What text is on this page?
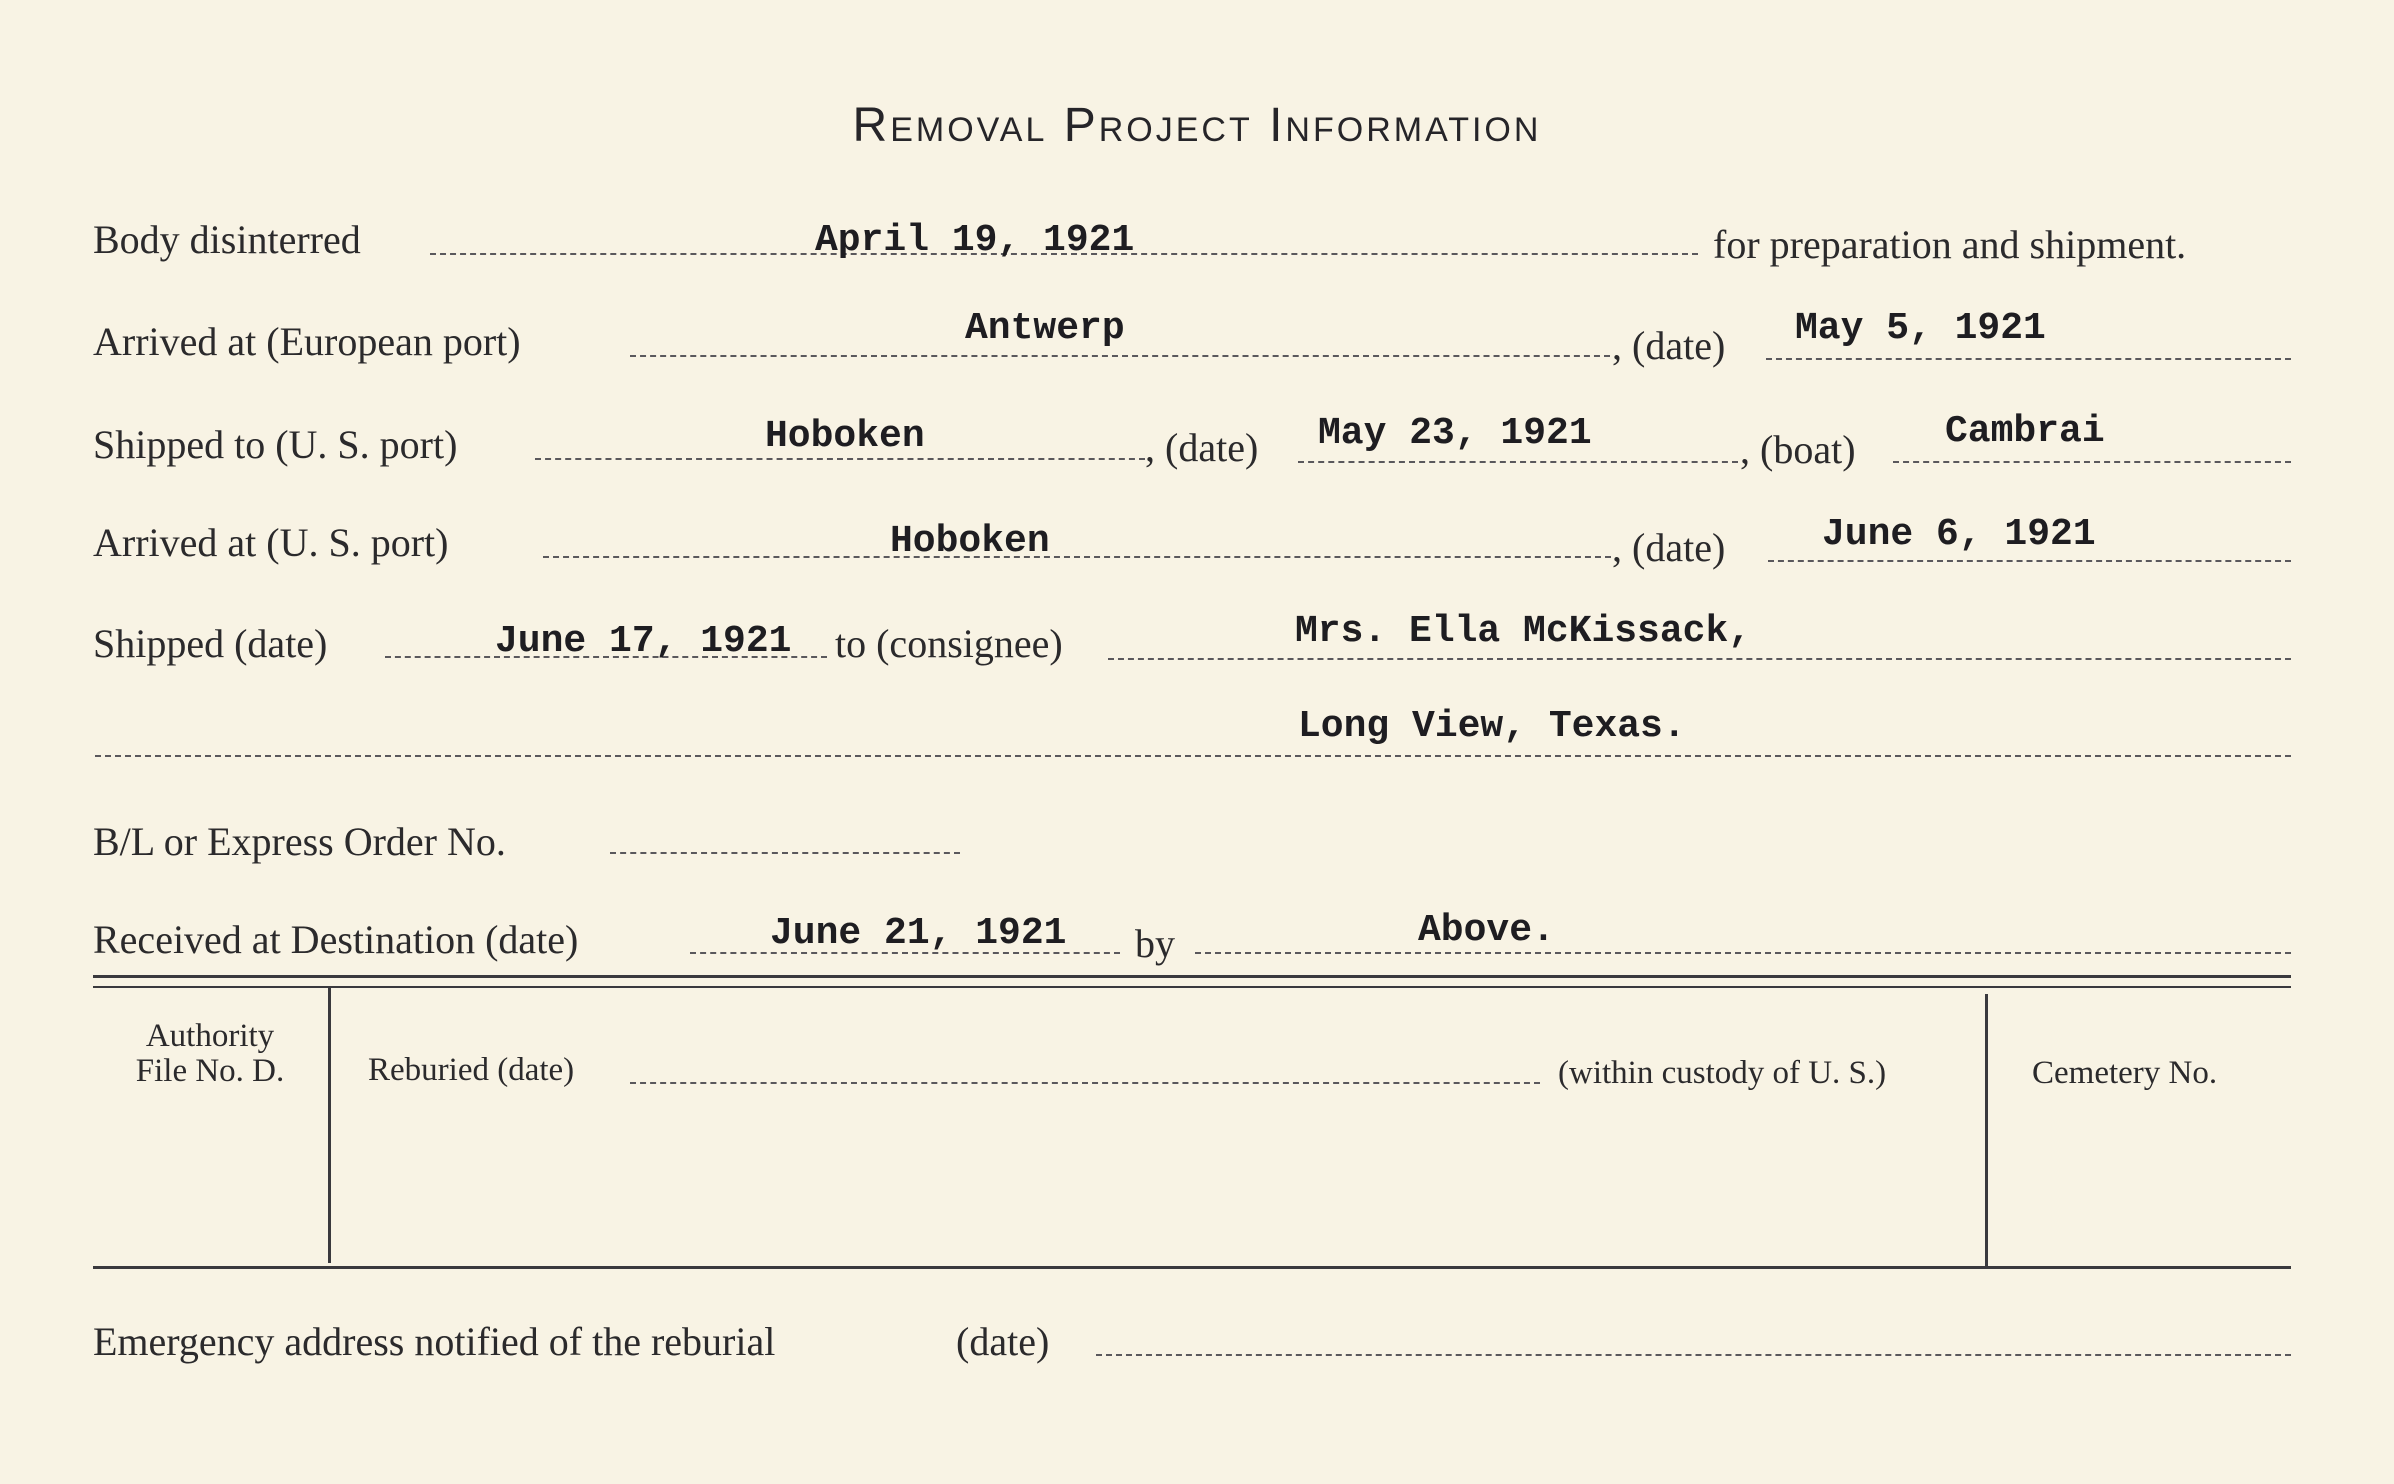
Removal Project Information
Body disinterred	April 19, 1921	for preparation and shipment.
Arrived at (European port)	Antwerp	, (date) May 5, 1921
Shipped to (U. S. port)	Hoboken	, (date) May 23, 1921	, (boat) Cambrai
Arrived at (U. S. port)	Hoboken	, (date)	June 6, 1921
Shipped (date)	June 17, 1921 to (consignee)	Mrs. Ella McKissack,
Long View, Texas.
B/L or Express Order No.
Received at Destination (date)	June 21, 1921 by	Above.
Authority
File No. D.	Reburied (date)	(within custody of U. S.)	Cemetery No.
Emergency address notified of the reburial	(date)
